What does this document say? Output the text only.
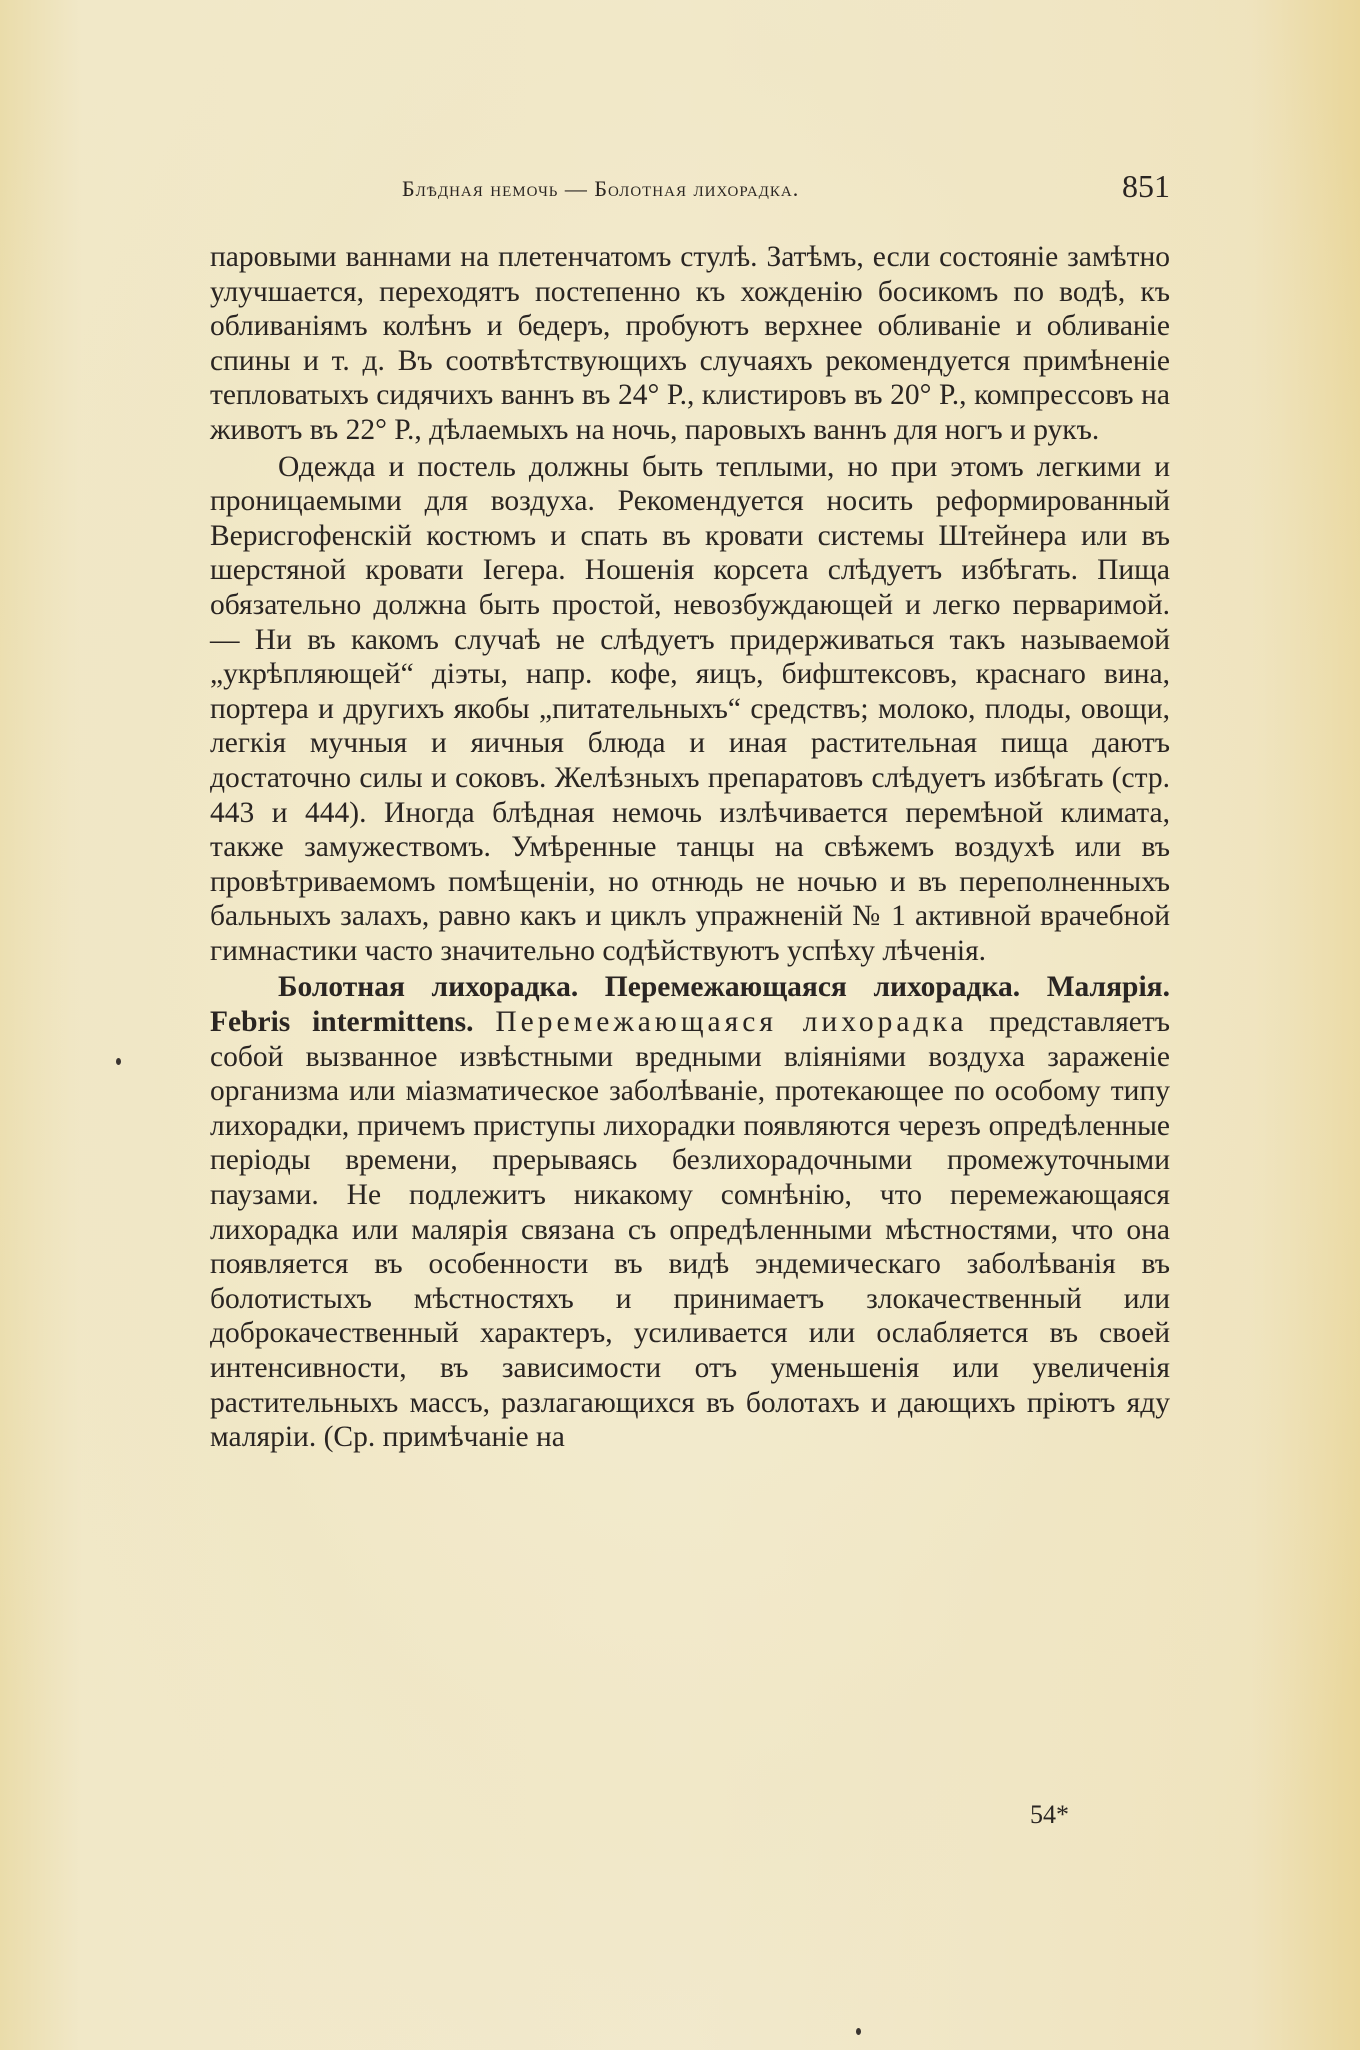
Блѣдная немочь — Болотная лихорадка.	851

паровыми ваннами на плетенчатомъ стулѣ. Затѣмъ, если состояніе замѣтно улучшается, переходятъ постепенно къ хожденію босикомъ по водѣ, къ обливаніямъ колѣнъ и бедеръ, пробуютъ верхнее обливаніе и обливаніе спины и т. д. Въ соотвѣтствующихъ случаяхъ рекомендуется примѣненіе тепловатыхъ сидячихъ ваннъ въ 24° Р., клистировъ въ 20° Р., компрессовъ на животъ въ 22° Р., дѣлаемыхъ на ночь, паровыхъ ваннъ для ногъ и рукъ.

Одежда и постель должны быть теплыми, но при этомъ легкими и проницаемыми для воздуха. Рекомендуется носить реформированный Верисгофенскій костюмъ и спать въ кровати системы Штейнера или въ шерстяной кровати Iегера. Ношенія корсета слѣдуетъ избѣгать. Пища обязательно должна быть простой, невозбуждающей и легко перваримой. — Ни въ какомъ случаѣ не слѣдуетъ придерживаться такъ называемой „укрѣпляющей“ діэты, напр. кофе, яицъ, бифштексовъ, краснаго вина, портера и другихъ якобы „питательныхъ“ средствъ; молоко, плоды, овощи, легкія мучныя и яичныя блюда и иная растительная пища даютъ достаточно силы и соковъ. Желѣзныхъ препаратовъ слѣдуетъ избѣгать (стр. 443 и 444). Иногда блѣдная немочь излѣчивается перемѣной климата, также замужествомъ. Умѣренные танцы на свѣжемъ воздухѣ или въ провѣтриваемомъ помѣщеніи, но отнюдь не ночью и въ переполненныхъ бальныхъ залахъ, равно какъ и циклъ упражненій № 1 активной врачебной гимнастики часто значительно содѣйствуютъ успѣху лѣченія.

Болотная лихорадка. Перемежающаяся лихорадка. Малярія. Febris intermittens. Перемежающаяся лихорадка представляетъ собой вызванное извѣстными вредными вліяніями воздуха зараженіе организма или міазматическое заболѣваніе, протекающее по особому типу лихорадки, причемъ приступы лихорадки появляются черезъ опредѣленные періоды времени, прерываясь безлихорадочными промежуточными паузами. Не подлежитъ никакому сомнѣнію, что перемежающаяся лихорадка или малярія связана съ опредѣленными мѣстностями, что она появляется въ особенности въ видѣ эндемическаго заболѣванія въ болотистыхъ мѣстностяхъ и принимаетъ злокачественный или доброкачественный характеръ, усиливается или ослабляется въ своей интенсивности, въ зависимости отъ уменьшенія или увеличенія растительныхъ массъ, разлагающихся въ болотахъ и дающихъ пріютъ яду маляріи. (Ср. примѣчаніе на

54*
